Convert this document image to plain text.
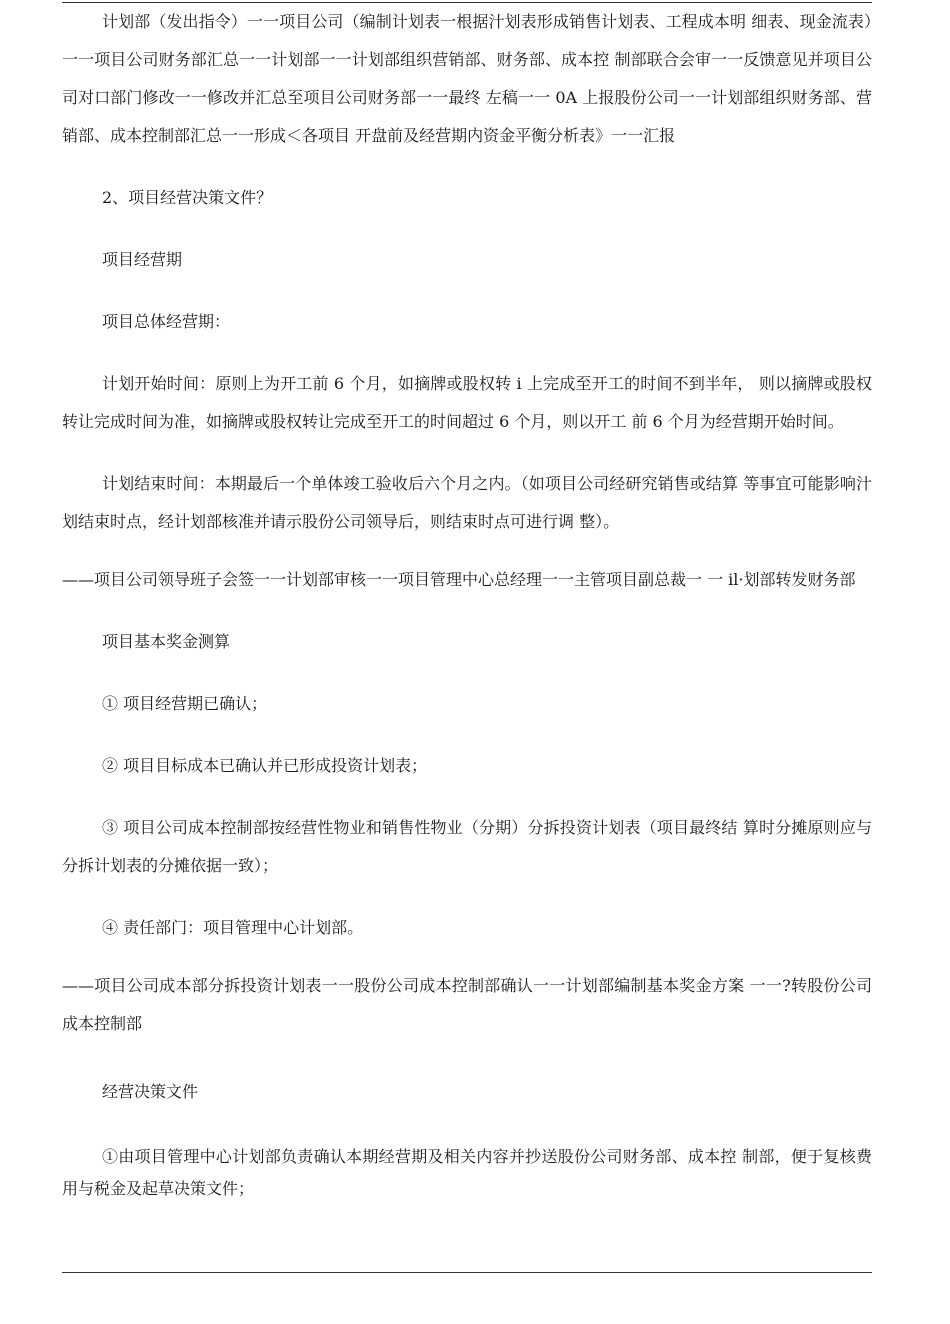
计划部（发出指令）一一项目公司（编制计划表一根据汁划表形成销售计划表、工程成本明 细表、现金流表）一一项目公司财务部汇总一一计划部一一计划部组织营销部、财务部、成本控 制部联合会审一一反馈意见并项目公司对口部门修改一一修改并汇总至项目公司财务部一一最终 左稿一一 0A 上报股份公司一一计划部组织财务部、营销部、成本控制部汇总一一形成＜各项目 开盘前及经营期内资金平衡分析表》一一汇报

2、项目经营决策文件？

项目经营期

项目总体经营期：

计划开始时间：原则上为开工前 6 个月，如摘牌或股权转 i 上完成至开工的时间不到半年， 则以摘牌或股权转让完成时间为准，如摘牌或股权转让完成至开工的时间超过 6 个月，则以开工 前 6 个月为经营期开始时间。

计划结束时间：本期最后一个单体竣工验收后六个月之内。（如项目公司经研究销售或结算 等事宜可能影响汁划结束时点，经计划部核准并请示股份公司领导后，则结束时点可进行调 整）。

——项目公司领导班子会签一一计划部审核一一项目管理中心总经理一一主管项目副总裁一 一 il·划部转发财务部

项目基本奖金测算

① 项目经营期已确认；

② 项目目标成本已确认并已形成投资计划表；

③ 项目公司成本控制部按经营性物业和销售性物业（分期）分拆投资计划表（项目最终结 算时分摊原则应与分拆计划表的分摊依据一致）；

④ 责任部门：项目管理中心计划部。

——项目公司成本部分拆投资计划表一一股份公司成本控制部确认一一计划部编制基本奖金方案 一一?转股份公司成本控制部

经营决策文件

①由项目管理中心计划部负责确认本期经营期及相关内容并抄送股份公司财务部、成本控 制部，便于复核费用与税金及起草决策文件；
